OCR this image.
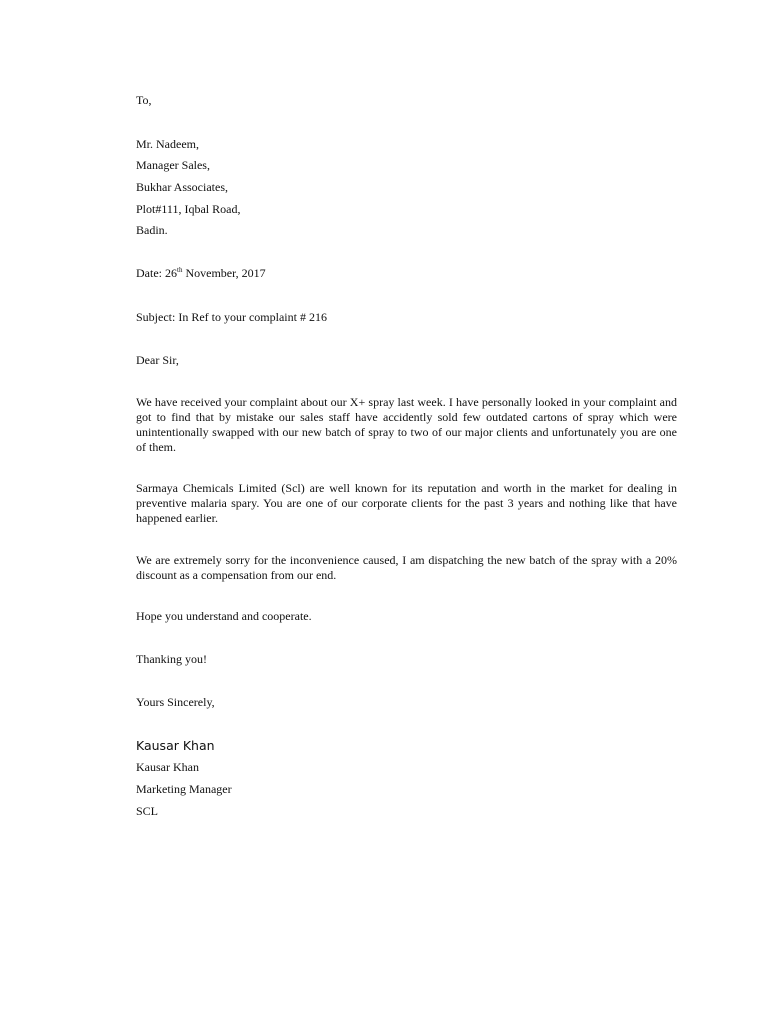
To,
Mr. Nadeem,
Manager Sales,
Bukhar Associates,
Plot#111, Iqbal Road,
Badin.
Date: 26th November, 2017
Subject: In Ref to your complaint # 216
Dear Sir,
We have received your complaint about our X+ spray last week. I have personally looked in your complaint and got to find that by mistake our sales staff have accidently sold few outdated cartons of spray which were unintentionally swapped with our new batch of spray to two of our major clients and unfortunately you are one of them.
Sarmaya Chemicals Limited (Scl) are well known for its reputation and worth in the market for dealing in preventive malaria spary. You are one of our corporate clients for the past 3 years and nothing like that have happened earlier.
We are extremely sorry for the inconvenience caused, I am dispatching the new batch of the spray with a 20% discount as a compensation from our end.
Hope you understand and cooperate.
Thanking you!
Yours Sincerely,
Kausar Khan
Kausar Khan
Marketing Manager
SCL
